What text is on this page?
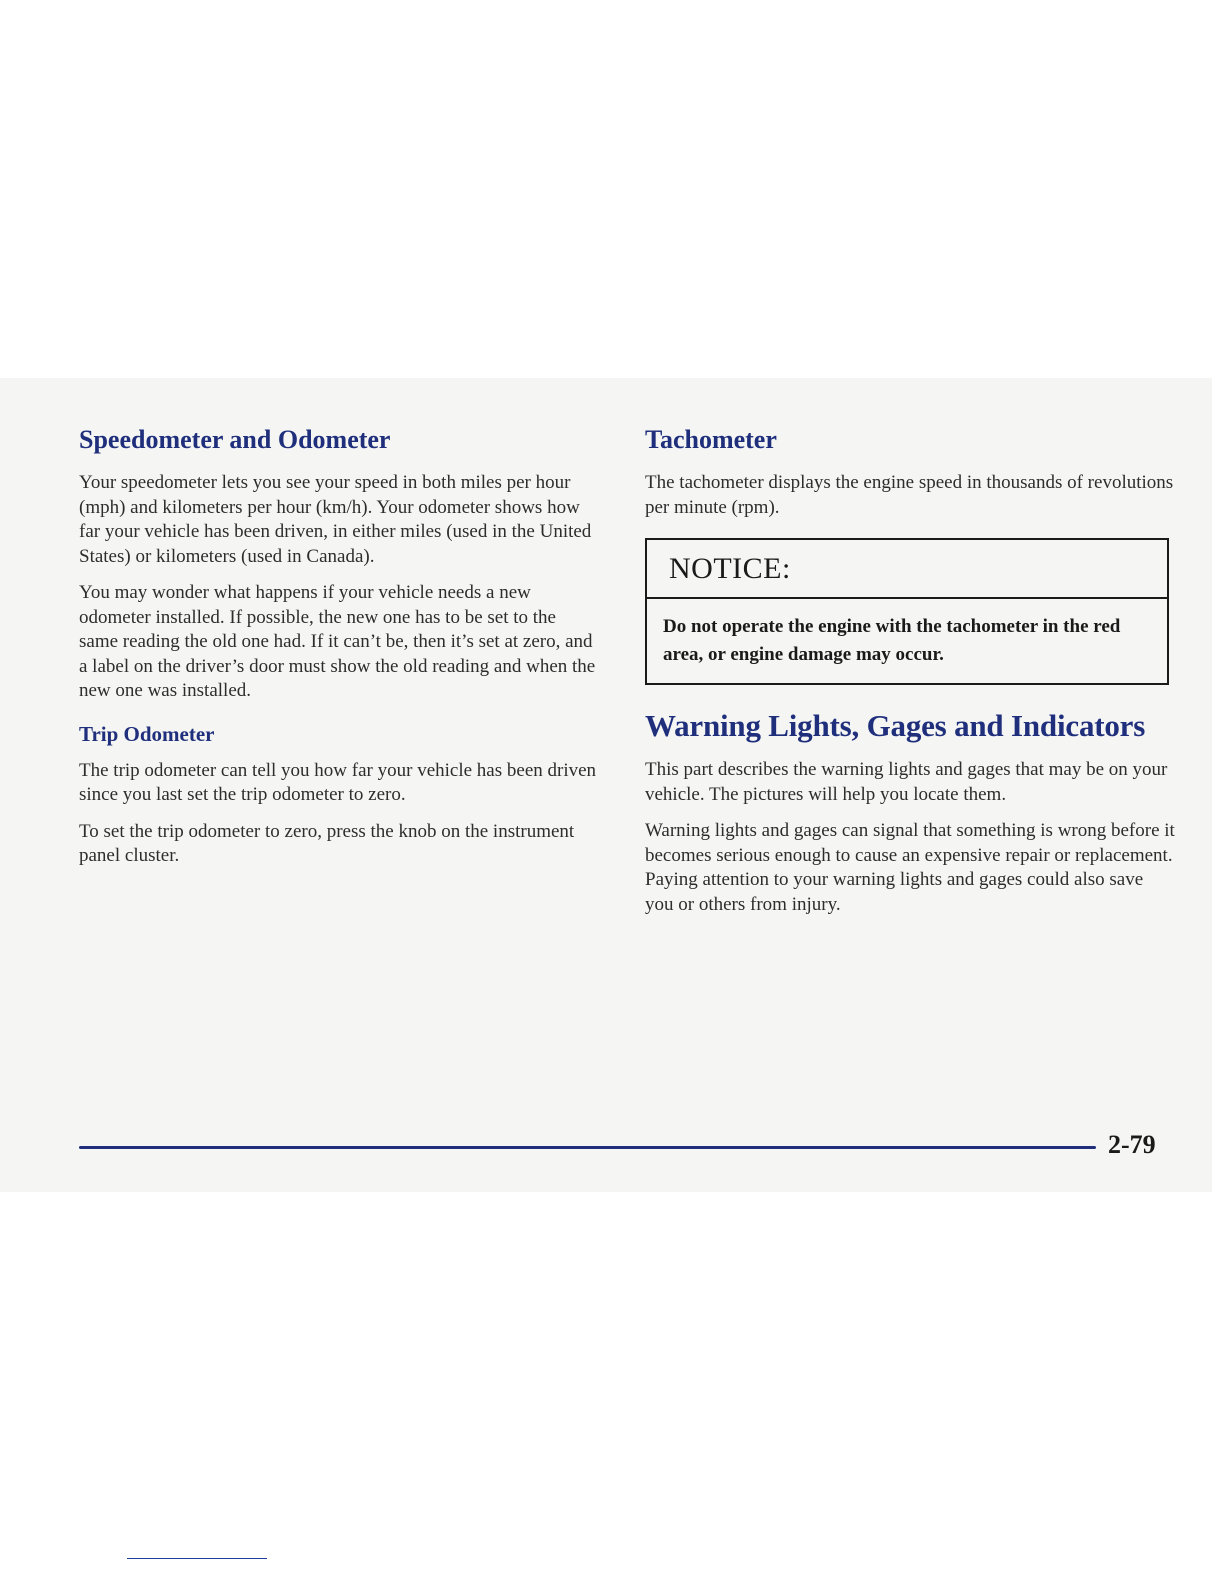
Speedometer and Odometer

Your speedometer lets you see your speed in both miles per hour (mph) and kilometers per hour (km/h). Your odometer shows how far your vehicle has been driven, in either miles (used in the United States) or kilometers (used in Canada).

You may wonder what happens if your vehicle needs a new odometer installed. If possible, the new one has to be set to the same reading the old one had. If it can’t be, then it’s set at zero, and a label on the driver’s door must show the old reading and when the new one was installed.

Trip Odometer

The trip odometer can tell you how far your vehicle has been driven since you last set the trip odometer to zero.

To set the trip odometer to zero, press the knob on the instrument panel cluster.

Tachometer

The tachometer displays the engine speed in thousands of revolutions per minute (rpm).

NOTICE:
Do not operate the engine with the tachometer in the red area, or engine damage may occur.
Warning Lights, Gages and Indicators

This part describes the warning lights and gages that may be on your vehicle. The pictures will help you locate them.

Warning lights and gages can signal that something is wrong before it becomes serious enough to cause an expensive repair or replacement. Paying attention to your warning lights and gages could also save you or others from injury.

2-79
